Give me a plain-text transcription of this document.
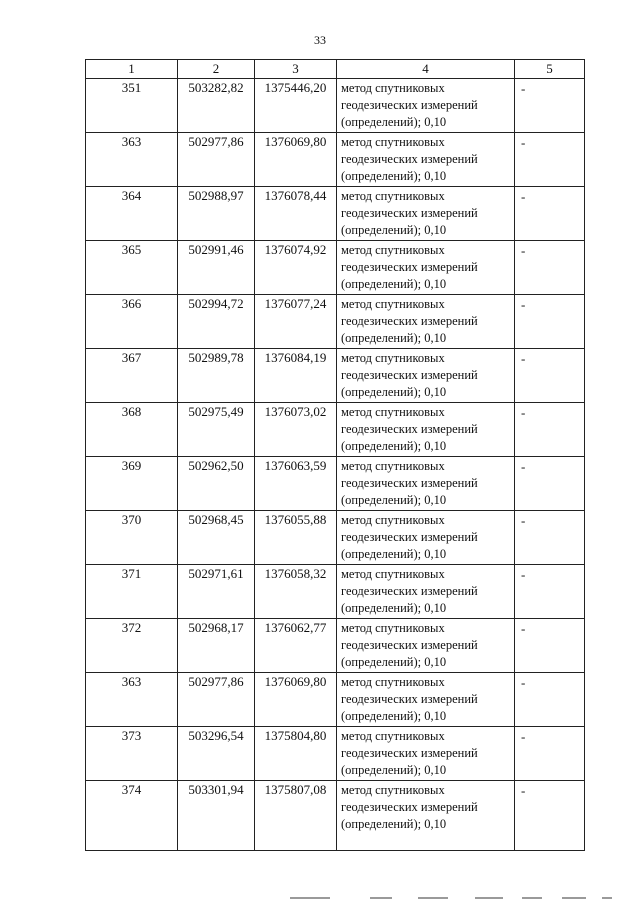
33
1	2	3	4	5
351	503282,82	1375446,20	метод спутниковых
геодезических измерений
(определений); 0,10	-
363	502977,86	1376069,80	метод спутниковых
геодезических измерений
(определений); 0,10	-
364	502988,97	1376078,44	метод спутниковых
геодезических измерений
(определений); 0,10	-
365	502991,46	1376074,92	метод спутниковых
геодезических измерений
(определений); 0,10	-
366	502994,72	1376077,24	метод спутниковых
геодезических измерений
(определений); 0,10	-
367	502989,78	1376084,19	метод спутниковых
геодезических измерений
(определений); 0,10	-
368	502975,49	1376073,02	метод спутниковых
геодезических измерений
(определений); 0,10	-
369	502962,50	1376063,59	метод спутниковых
геодезических измерений
(определений); 0,10	-
370	502968,45	1376055,88	метод спутниковых
геодезических измерений
(определений); 0,10	-
371	502971,61	1376058,32	метод спутниковых
геодезических измерений
(определений); 0,10	-
372	502968,17	1376062,77	метод спутниковых
геодезических измерений
(определений); 0,10	-
363	502977,86	1376069,80	метод спутниковых
геодезических измерений
(определений); 0,10	-
373	503296,54	1375804,80	метод спутниковых
геодезических измерений
(определений); 0,10	-
374	503301,94	1375807,08	метод спутниковых
геодезических измерений
(определений); 0,10	-
